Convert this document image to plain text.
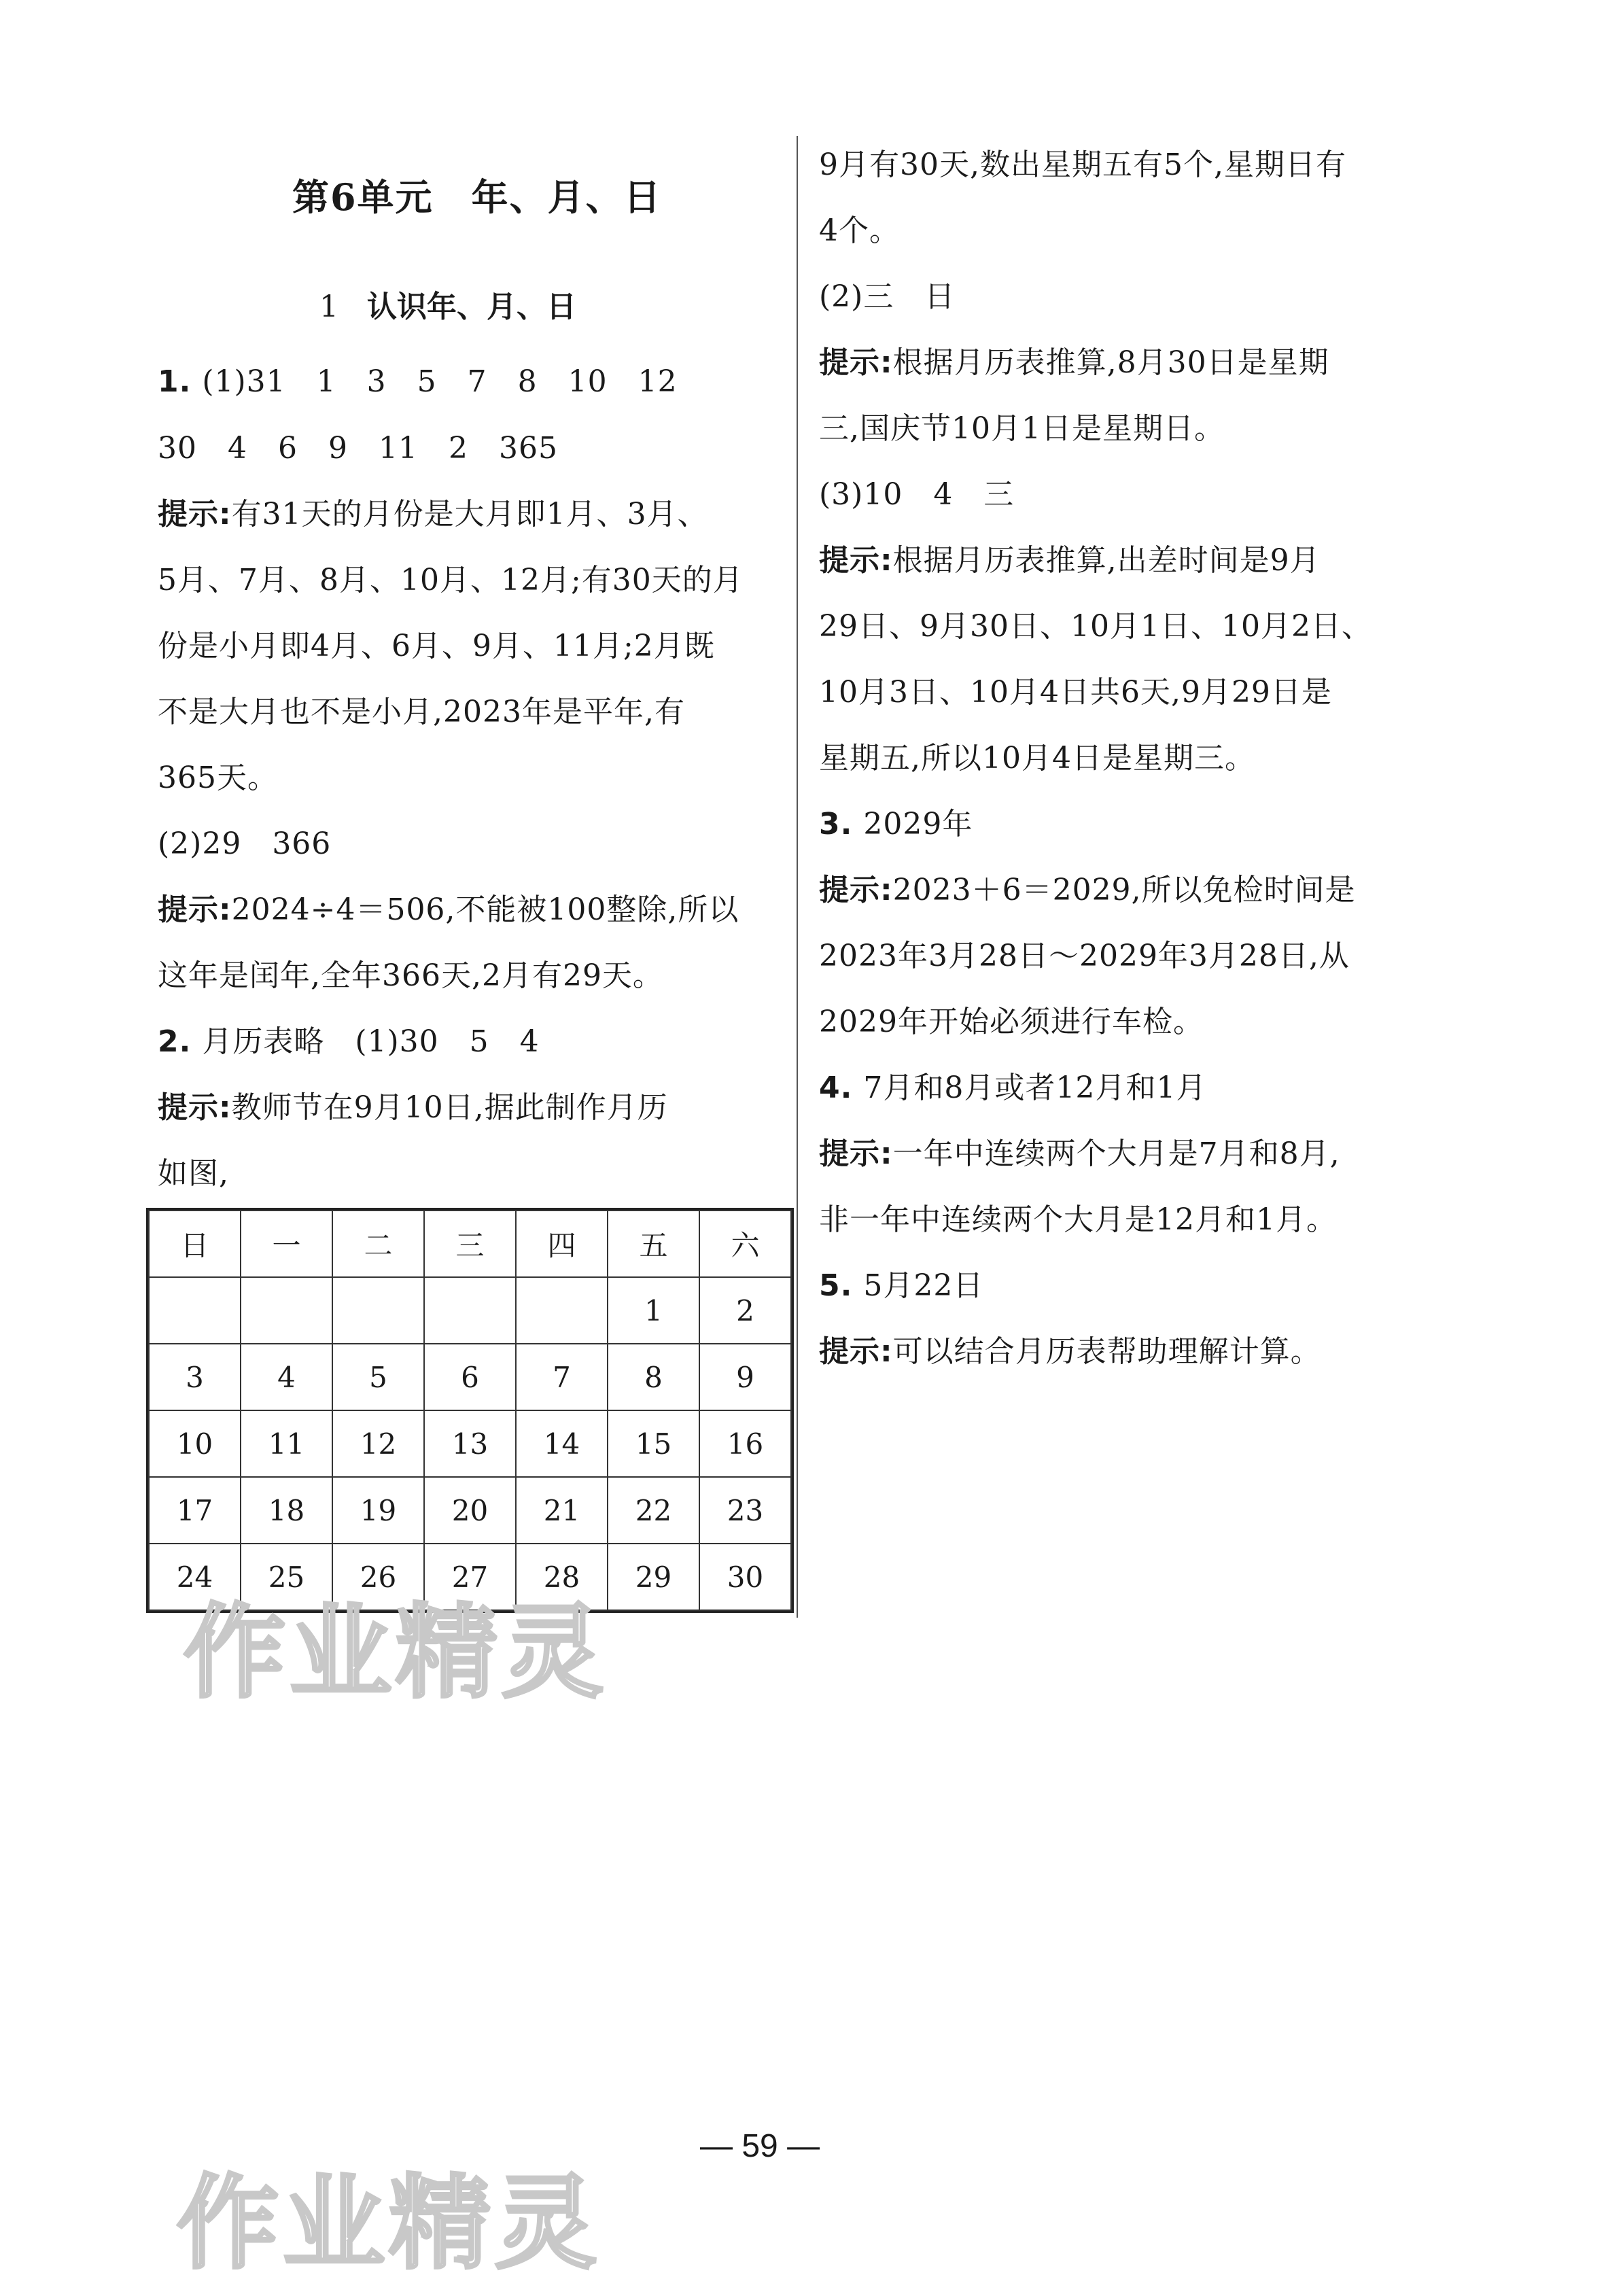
第6单元　年、月、日
1 认识年、月、日
1. (1)31　1　3　5　7　8　10　12
30　4　6　9　11　2　365
提示:有31天的月份是大月即1月、3月、
5月、7月、8月、10月、12月;有30天的月
份是小月即4月、6月、9月、11月;2月既
不是大月也不是小月,2023年是平年,有
365天。
(2)29　366
提示:2024÷4＝506,不能被100整除,所以
这年是闰年,全年366天,2月有29天。
2. 月历表略　(1)30　5　4
提示:教师节在9月10日,据此制作月历
如图,
日	一	二	三	四	五	六
					1	2
3	4	5	6	7	8	9
10	11	12	13	14	15	16
17	18	19	20	21	22	23
24	25	26	27	28	29	30
9月有30天,数出星期五有5个,星期日有
4个。
(2)三　日
提示:根据月历表推算,8月30日是星期
三,国庆节10月1日是星期日。
(3)10　4　三
提示:根据月历表推算,出差时间是9月
29日、9月30日、10月1日、10月2日、
10月3日、10月4日共6天,9月29日是
星期五,所以10月4日是星期三。
3. 2029年
提示:2023＋6＝2029,所以免检时间是
2023年3月28日～2029年3月28日,从
2029年开始必须进行车检。
4. 7月和8月或者12月和1月
提示:一年中连续两个大月是7月和8月,
非一年中连续两个大月是12月和1月。
5. 5月22日
提示:可以结合月历表帮助理解计算。
作业精灵
作业精灵
— 59 —
